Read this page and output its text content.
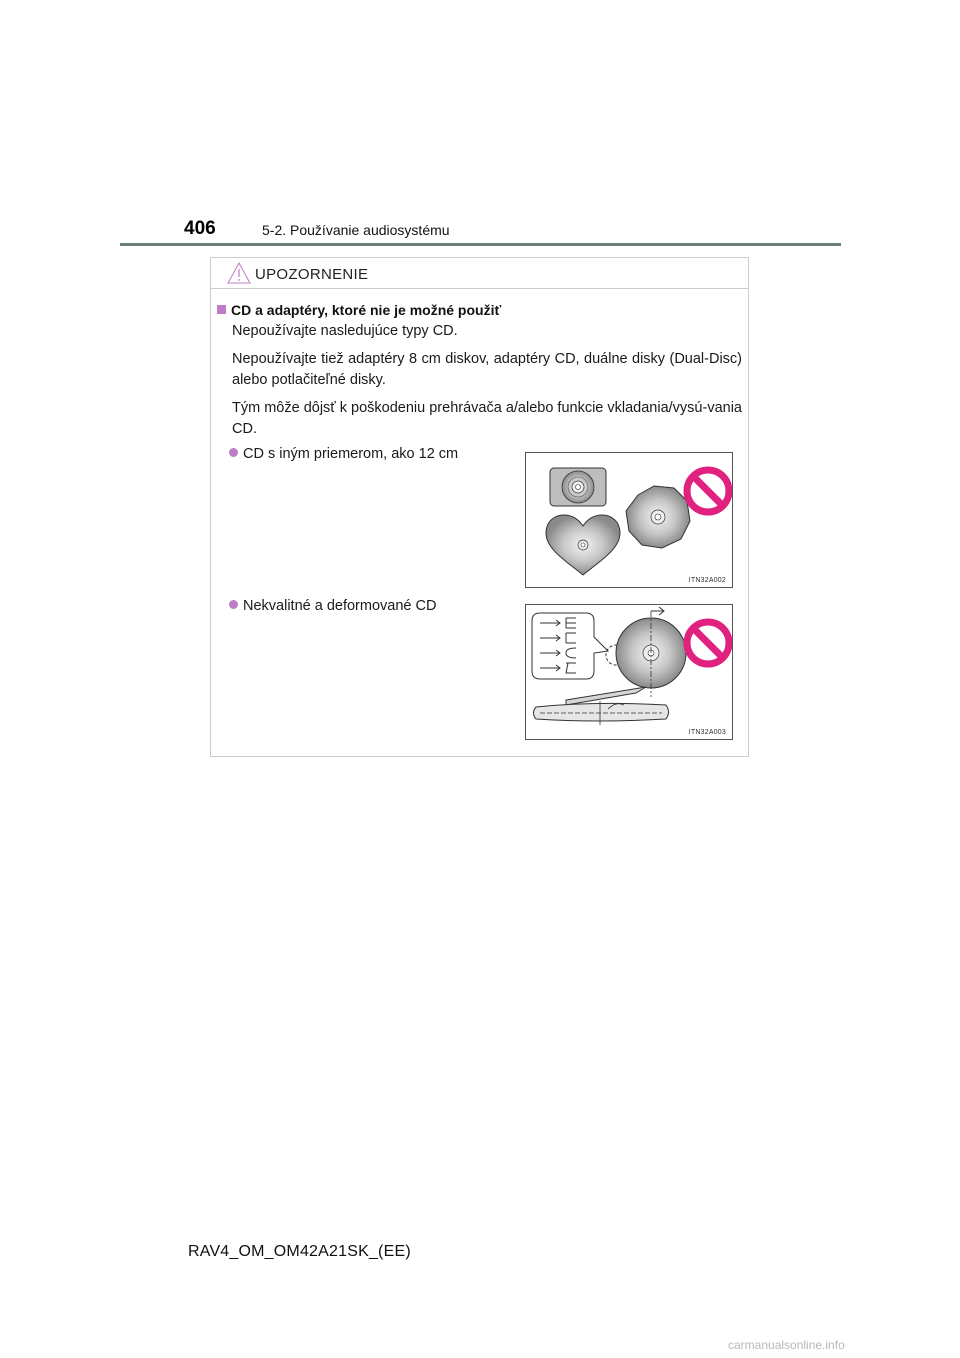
406	5-2. Používanie audiosystému
UPOZORNENIE
CD a adaptéry, ktoré nie je možné použiť

Nepoužívajte nasledujúce typy CD.

Nepoužívajte tiež adaptéry 8 cm diskov, adaptéry CD, duálne disky (Dual-Disc) alebo potlačiteľné disky.

Tým môže dôjsť k poškodeniu prehrávača a/alebo funkcie vkladania/vysú-vania CD.

CD s iným priemerom, ako 12 cm
Nekvalitné a deformované CD
ITN32A002
ITN32A003
RAV4_OM_OM42A21SK_(EE)
carmanualsonline.info
